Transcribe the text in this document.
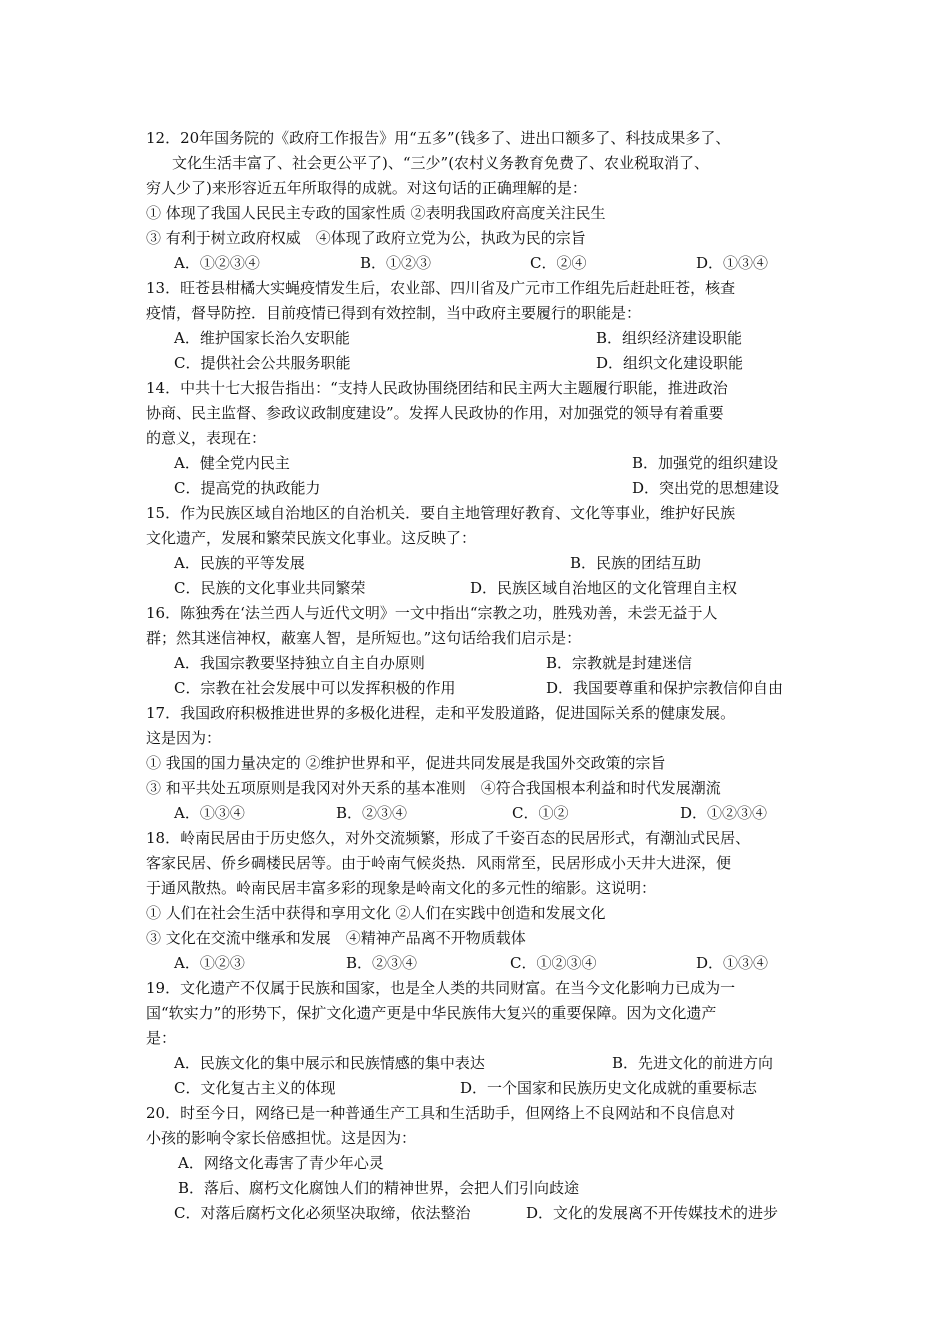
12．20年国务院的《政府工作报告》用“五多”(钱多了、进出口额多了、科技成果多了、
文化生活丰富了、社会更公平了)、“三少”(农村义务教育免费了、农业税取消了、
穷人少了)来形容近五年所取得的成就。对这句话的正确理解的是：
① 体现了我国人民民主专政的国家性质 ②表明我国政府高度关注民生
③ 有利于树立政府权威　④体现了政府立党为公，执政为民的宗旨
A．①②③④	B．①②③	C．②④	D．①③④
13．旺苍县柑橘大实蝇疫情发生后，农业部、四川省及广元市工作组先后赶赴旺苍，核查
疫情，督导防控．目前疫情已得到有效控制，当中政府主要履行的职能是：
A．维护国家长治久安职能	B．组织经济建设职能
C．提供社会公共服务职能	D．组织文化建设职能
14．中共十七大报告指出：“支持人民政协围绕团结和民主两大主题履行职能，推进政治
协商、民主监督、参政议政制度建设”。发挥人民政协的作用，对加强党的领导有着重要
的意义，表现在：
A．健全党内民主	B．加强党的组织建设
C．提高党的执政能力	D．突出党的思想建设
15．作为民族区域自治地区的自治机关．要自主地管理好教育、文化等事业，维护好民族
文化遗产，发展和繁荣民族文化事业。这反映了：
A．民族的平等发展	B．民族的团结互助
C．民族的文化事业共同繁荣	D．民族区域自治地区的文化管理自主权
16．陈独秀在‘法兰西人与近代文明》一文中指出“宗教之功，胜残劝善，未尝无益于人
群；然其迷信神权，蔽塞人智，是所短也。”这句话给我们启示是：
A．我国宗教要坚持独立自主自办原则	B．宗教就是封建迷信
C．宗教在社会发展中可以发挥积极的作用	D．我国要尊重和保护宗教信仰自由
17．我国政府积极推进世界的多极化进程，走和平发股道路，促进国际关系的健康发展。
这是因为：
① 我国的国力量决定的 ②维护世界和平，促进共同发展是我国外交政策的宗旨
③ 和平共处五项原则是我冈对外天系的基本准则　④符合我国根本利益和时代发展潮流
A．①③④	B．②③④	C．①②	D．①②③④
18．岭南民居由于历史悠久，对外交流频繁，形成了千姿百态的民居形式，有潮汕式民居、
客家民居、侨乡碉楼民居等。由于岭南气候炎热．风雨常至，民居形成小天井大进深，便
于通风散热。岭南民居丰富多彩的现象是岭南文化的多元性的缩影。这说明：
① 人们在社会生活中获得和享用文化 ②人们在实践中创造和发展文化
③ 文化在交流中继承和发展　④精神产品离不开物质载体
A．①②③	B．②③④	C．①②③④	D．①③④
19．文化遗产不仅属于民族和国家，也是全人类的共同财富。在当今文化影响力已成为一
国“软实力”的形势下，保扩文化遗产更是中华民族伟大复兴的重要保障。因为文化遗产
是：
A．民族文化的集中展示和民族情感的集中表达	B．先进文化的前进方向
C．文化复古主义的体现	D．一个国家和民族历史文化成就的重要标志
20．时至今日，网络已是一种普通生产工具和生活助手，但网络上不良网站和不良信息对
小孩的影响令家长倍感担忧。这是因为：
A．网络文化毒害了青少年心灵
B．落后、腐朽文化腐蚀人们的精神世界，会把人们引向歧途
C．对落后腐朽文化必须坚决取缔，依法整治	D．文化的发展离不开传媒技术的进步
